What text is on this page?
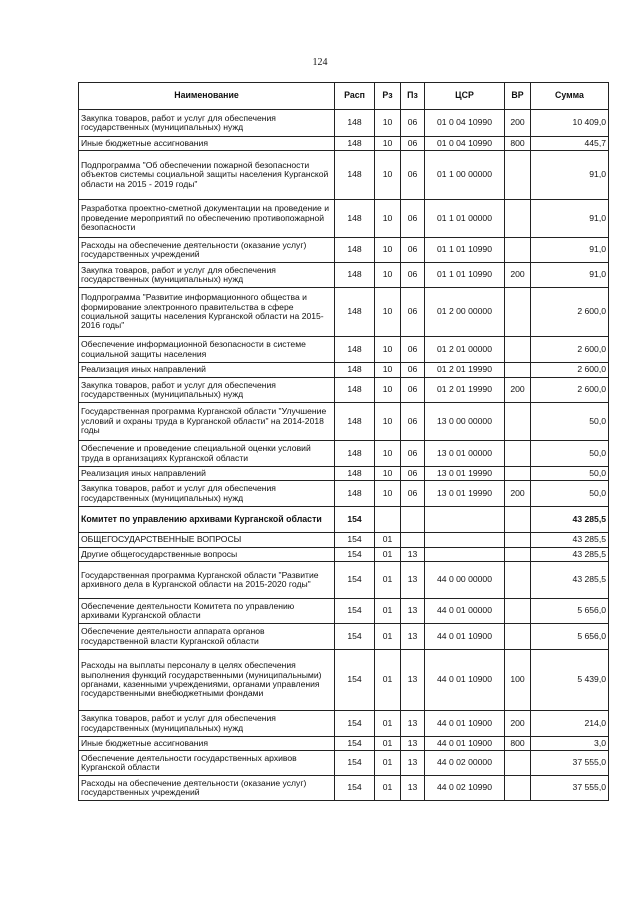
124
Наименование	Расп	Рз	Пз	ЦСР	ВР	Сумма
Закупка товаров, работ и услуг для обеспечения государственных (муниципальных) нужд	148	10	06	01 0 04 10990	200	10 409,0
Иные бюджетные ассигнования	148	10	06	01 0 04 10990	800	445,7
Подпрограмма "Об обеспечении пожарной безопасности объектов системы социальной защиты населения Курганской области на 2015 - 2019 годы"	148	10	06	01 1 00 00000		91,0
Разработка проектно-сметной документации на проведение и проведение мероприятий по обеспечению противопожарной безопасности	148	10	06	01 1 01 00000		91,0
Расходы на обеспечение деятельности (оказание услуг) государственных учреждений	148	10	06	01 1 01 10990		91,0
Закупка товаров, работ и услуг для обеспечения государственных (муниципальных) нужд	148	10	06	01 1 01 10990	200	91,0
Подпрограмма "Развитие информационного общества и формирование электронного правительства в сфере социальной защиты населения Курганской области на 2015-2016 годы"	148	10	06	01 2 00 00000		2 600,0
Обеспечение информационной безопасности в системе социальной защиты населения	148	10	06	01 2 01 00000		2 600,0
Реализация иных направлений	148	10	06	01 2 01 19990		2 600,0
Закупка товаров, работ и услуг для обеспечения государственных (муниципальных) нужд	148	10	06	01 2 01 19990	200	2 600,0
Государственная программа Курганской области "Улучшение условий и охраны труда в Курганской области" на 2014-2018 годы	148	10	06	13 0 00 00000		50,0
Обеспечение и проведение специальной оценки условий труда в организациях Курганской области	148	10	06	13 0 01 00000		50,0
Реализация иных направлений	148	10	06	13 0 01 19990		50,0
Закупка товаров, работ и услуг для обеспечения государственных (муниципальных) нужд	148	10	06	13 0 01 19990	200	50,0
Комитет по управлению архивами Курганской области	154					43 285,5
ОБЩЕГОСУДАРСТВЕННЫЕ ВОПРОСЫ	154	01				43 285,5
Другие общегосударственные вопросы	154	01	13			43 285,5
Государственная программа Курганской области "Развитие архивного дела в Курганской области на 2015-2020 годы"	154	01	13	44 0 00 00000		43 285,5
Обеспечение деятельности Комитета по управлению архивами Курганской области	154	01	13	44 0 01 00000		5 656,0
Обеспечение деятельности аппарата органов государственной власти Курганской области	154	01	13	44 0 01 10900		5 656,0
Расходы на выплаты персоналу в целях обеспечения выполнения функций государственными (муниципальными) органами, казенными учреждениями, органами управления государственными внебюджетными фондами	154	01	13	44 0 01 10900	100	5 439,0
Закупка товаров, работ и услуг для обеспечения государственных (муниципальных) нужд	154	01	13	44 0 01 10900	200	214,0
Иные бюджетные ассигнования	154	01	13	44 0 01 10900	800	3,0
Обеспечение деятельности государственных архивов Курганской области	154	01	13	44 0 02 00000		37 555,0
Расходы на обеспечение деятельности (оказание услуг) государственных учреждений	154	01	13	44 0 02 10990		37 555,0
